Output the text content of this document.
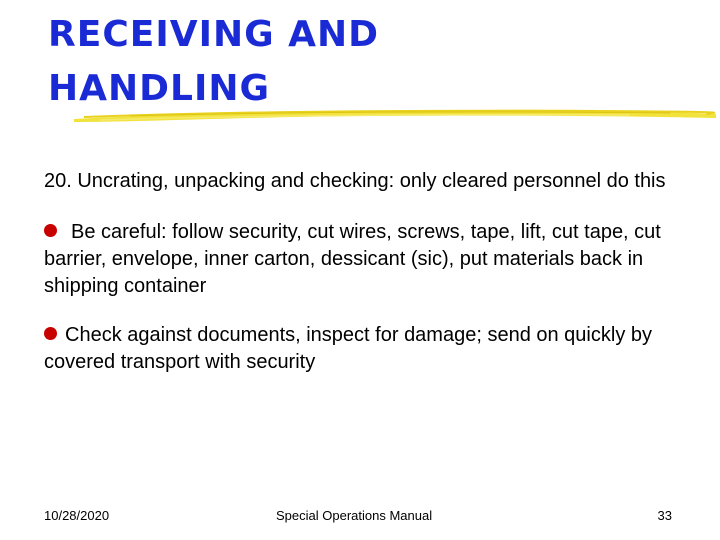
RECEIVING AND
HANDLING

20. Uncrating, unpacking and checking: only cleared personnel do this

Be careful: follow security, cut wires, screws, tape, lift, cut tape, cut barrier, envelope, inner carton, dessicant (sic), put materials back in shipping container

Check against documents, inspect for damage; send on quickly by covered transport with security

10/28/2020	Special Operations Manual	33
